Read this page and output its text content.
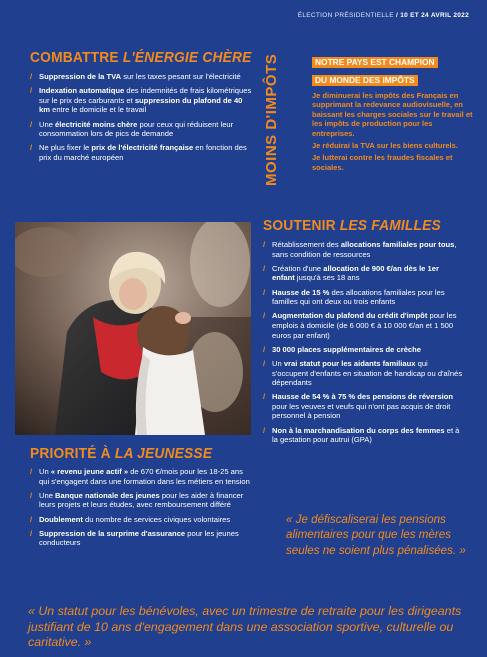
ÉLECTION PRÉSIDENTIELLE / 10 ET 24 AVRIL 2022
COMBATTRE L'ÉNERGIE CHÈRE
/ Suppression de la TVA sur les taxes pesant sur l'électricité
/ Indexation automatique des indemnités de frais kilométriques sur le prix des carburants et suppression du plafond de 40 km entre le domicile et le travail
/ Une électricité moins chère pour ceux qui réduisent leur consommation lors de pics de demande
/ Ne plus fixer le prix de l'électricité française en fonction des prix du marché européen	MOINS D'IMPÔTS	NOTRE PAYS EST CHAMPION
DU MONDE DES IMPÔTS

Je diminuerai les impôts des Français en supprimant la redevance audiovisuelle, en baissant les charges sociales sur le travail et les impôts de production pour les entreprises.

Je réduirai la TVA sur les biens culturels.

Je lutterai contre les fraudes fiscales et sociales.

SOUTENIR LES FAMILLES
/ Rétablissement des allocations familiales pour tous, sans condition de ressources
/ Création d'une allocation de 900 €/an dès le 1er enfant jusqu'à ses 18 ans
/ Hausse de 15 % des allocations familiales pour les familles qui ont deux ou trois enfants
/ Augmentation du plafond du crédit d'impôt pour les emplois à domicile (de 6 000 € à 10 000 €/an et 1 500 euros par enfant)
/ 30 000 places supplémentaires de crèche
/ Un vrai statut pour les aidants familiaux qui s'occupent d'enfants en situation de handicap ou d'aînés dépendants
/ Hausse de 54 % à 75 % des pensions de réversion pour les veuves et veufs qui n'ont pas acquis de droit personnel à pension
/ Non à la marchandisation du corps des femmes et à la gestation pour autrui (GPA)
PRIORITÉ À LA JEUNESSE
/ Un « revenu jeune actif » de 670 €/mois pour les 18-25 ans qui s'engagent dans une formation dans les métiers en tension
/ Une Banque nationale des jeunes pour les aider à financer leurs projets et leurs études, avec remboursement différé
/ Doublement du nombre de services civiques volontaires
/ Suppression de la surprime d'assurance pour les jeunes conducteurs

« Je défiscaliserai les pensions alimentaires pour que les mères seules ne soient plus pénalisées. »

« Un statut pour les bénévoles, avec un trimestre de retraite pour les dirigeants justifiant de 10 ans d'engagement dans une association sportive, culturelle ou caritative. »
